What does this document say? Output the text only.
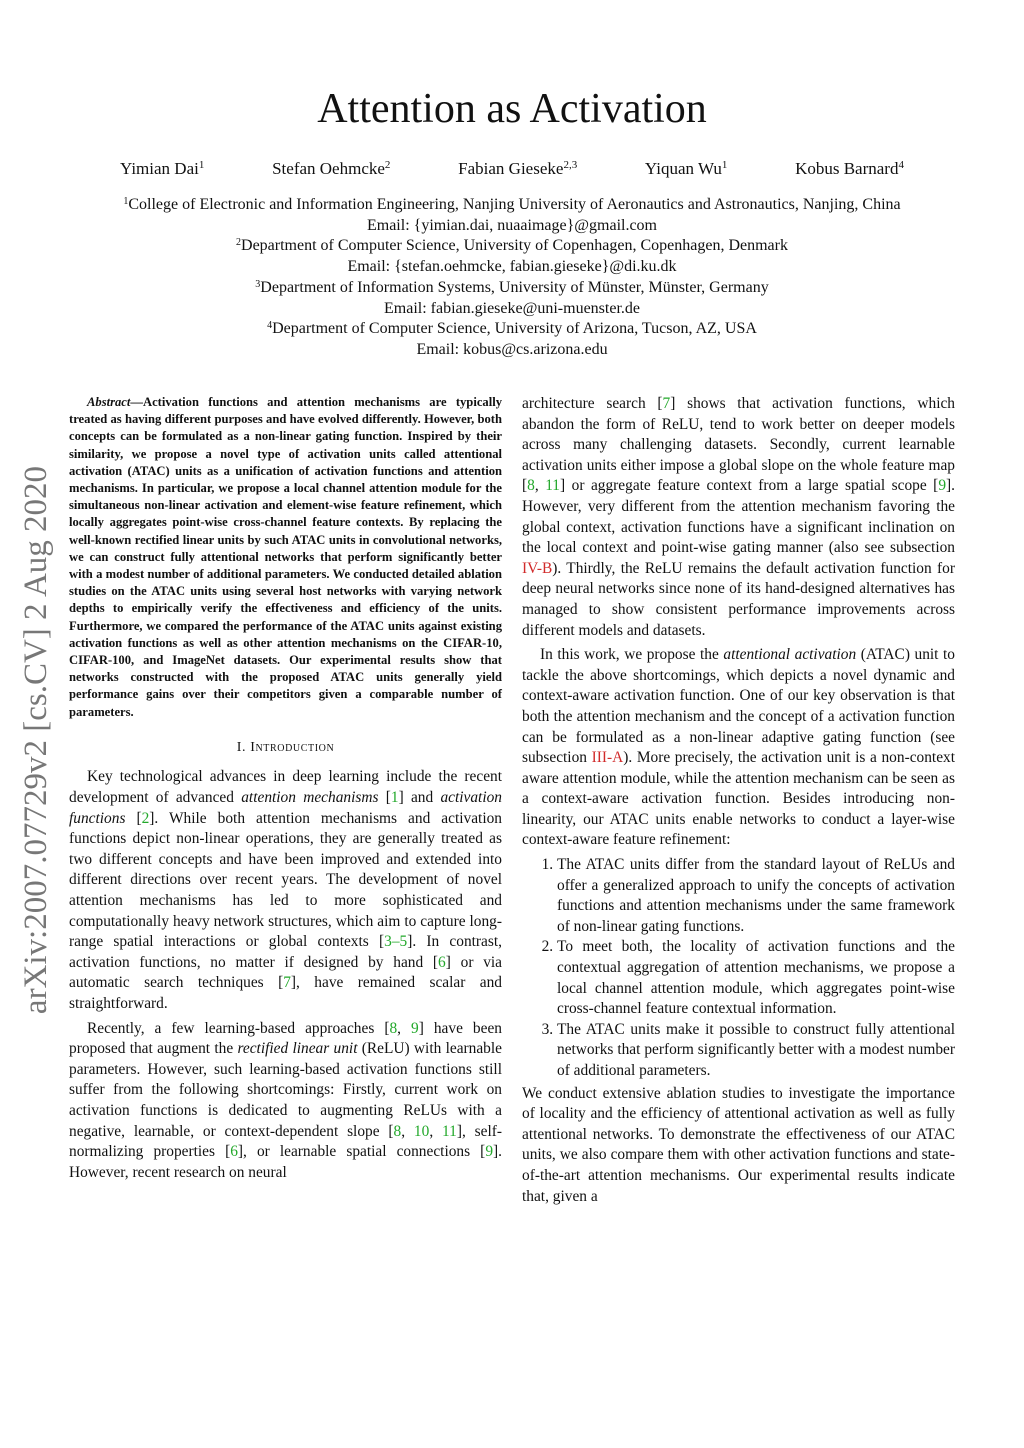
Attention as Activation
Yimian Dai$^1$	Stefan Oehmcke$^2$	Fabian Gieseke$^{2,3}$	Yiquan Wu$^1$	Kobus Barnard$^4$
$^1$College of Electronic and Information Engineering, Nanjing University of Aeronautics and Astronautics, Nanjing, China
Email: {yimian.dai, nuaaimage}@gmail.com
$^2$Department of Computer Science, University of Copenhagen, Copenhagen, Denmark
Email: {stefan.oehmcke, fabian.gieseke}@di.ku.dk
$^3$Department of Information Systems, University of Münster, Münster, Germany
Email: fabian.gieseke@uni-muenster.de
$^4$Department of Computer Science, University of Arizona, Tucson, AZ, USA
Email: kobus@cs.arizona.edu
arXiv:2007.07729v2 [cs.CV] 2 Aug 2020

Abstract—Activation functions and attention mechanisms are typically treated as having different purposes and have evolved differently. However, both concepts can be formulated as a non-linear gating function. Inspired by their similarity, we propose a novel type of activation units called attentional activation (ATAC) units as a unification of activation functions and attention mechanisms. In particular, we propose a local channel attention module for the simultaneous non-linear activation and element-wise feature refinement, which locally aggregates point-wise cross-channel feature contexts. By replacing the well-known rectified linear units by such ATAC units in convolutional networks, we can construct fully attentional networks that perform significantly better with a modest number of additional parameters. We conducted detailed ablation studies on the ATAC units using several host networks with varying network depths to empirically verify the effectiveness and efficiency of the units. Furthermore, we compared the performance of the ATAC units against existing activation functions as well as other attention mechanisms on the CIFAR-10, CIFAR-100, and ImageNet datasets. Our experimental results show that networks constructed with the proposed ATAC units generally yield performance gains over their competitors given a comparable number of parameters.

I. Introduction

Key technological advances in deep learning include the recent development of advanced attention mechanisms [1] and activation functions [2]. While both attention mechanisms and activation functions depict non-linear operations, they are generally treated as two different concepts and have been improved and extended into different directions over recent years. The development of novel attention mechanisms has led to more sophisticated and computationally heavy network structures, which aim to capture long-range spatial interactions or global contexts [3–5]. In contrast, activation functions, no matter if designed by hand [6] or via automatic search techniques [7], have remained scalar and straightforward.

Recently, a few learning-based approaches [8, 9] have been proposed that augment the rectified linear unit (ReLU) with learnable parameters. However, such learning-based activation functions still suffer from the following shortcomings: Firstly, current work on activation functions is dedicated to augmenting ReLUs with a negative, learnable, or context-dependent slope [8, 10, 11], self-normalizing properties [6], or learnable spatial connections [9]. However, recent research on neural

architecture search [7] shows that activation functions, which abandon the form of ReLU, tend to work better on deeper models across many challenging datasets. Secondly, current learnable activation units either impose a global slope on the whole feature map [8, 11] or aggregate feature context from a large spatial scope [9]. However, very different from the attention mechanism favoring the global context, activation functions have a significant inclination on the local context and point-wise gating manner (also see subsection IV-B). Thirdly, the ReLU remains the default activation function for deep neural networks since none of its hand-designed alternatives has managed to show consistent performance improvements across different models and datasets.

In this work, we propose the attentional activation (ATAC) unit to tackle the above shortcomings, which depicts a novel dynamic and context-aware activation function. One of our key observation is that both the attention mechanism and the concept of a activation function can be formulated as a non-linear adaptive gating function (see subsection III-A). More precisely, the activation unit is a non-context aware attention module, while the attention mechanism can be seen as a context-aware activation function. Besides introducing non-linearity, our ATAC units enable networks to conduct a layer-wise context-aware feature refinement:

1. The ATAC units differ from the standard layout of ReLUs and offer a generalized approach to unify the concepts of activation functions and attention mechanisms under the same framework of non-linear gating functions.
2. To meet both, the locality of activation functions and the contextual aggregation of attention mechanisms, we propose a local channel attention module, which aggregates point-wise cross-channel feature contextual information.
3. The ATAC units make it possible to construct fully attentional networks that perform significantly better with a modest number of additional parameters.

We conduct extensive ablation studies to investigate the importance of locality and the efficiency of attentional activation as well as fully attentional networks. To demonstrate the effectiveness of our ATAC units, we also compare them with other activation functions and state-of-the-art attention mechanisms. Our experimental results indicate that, given a
